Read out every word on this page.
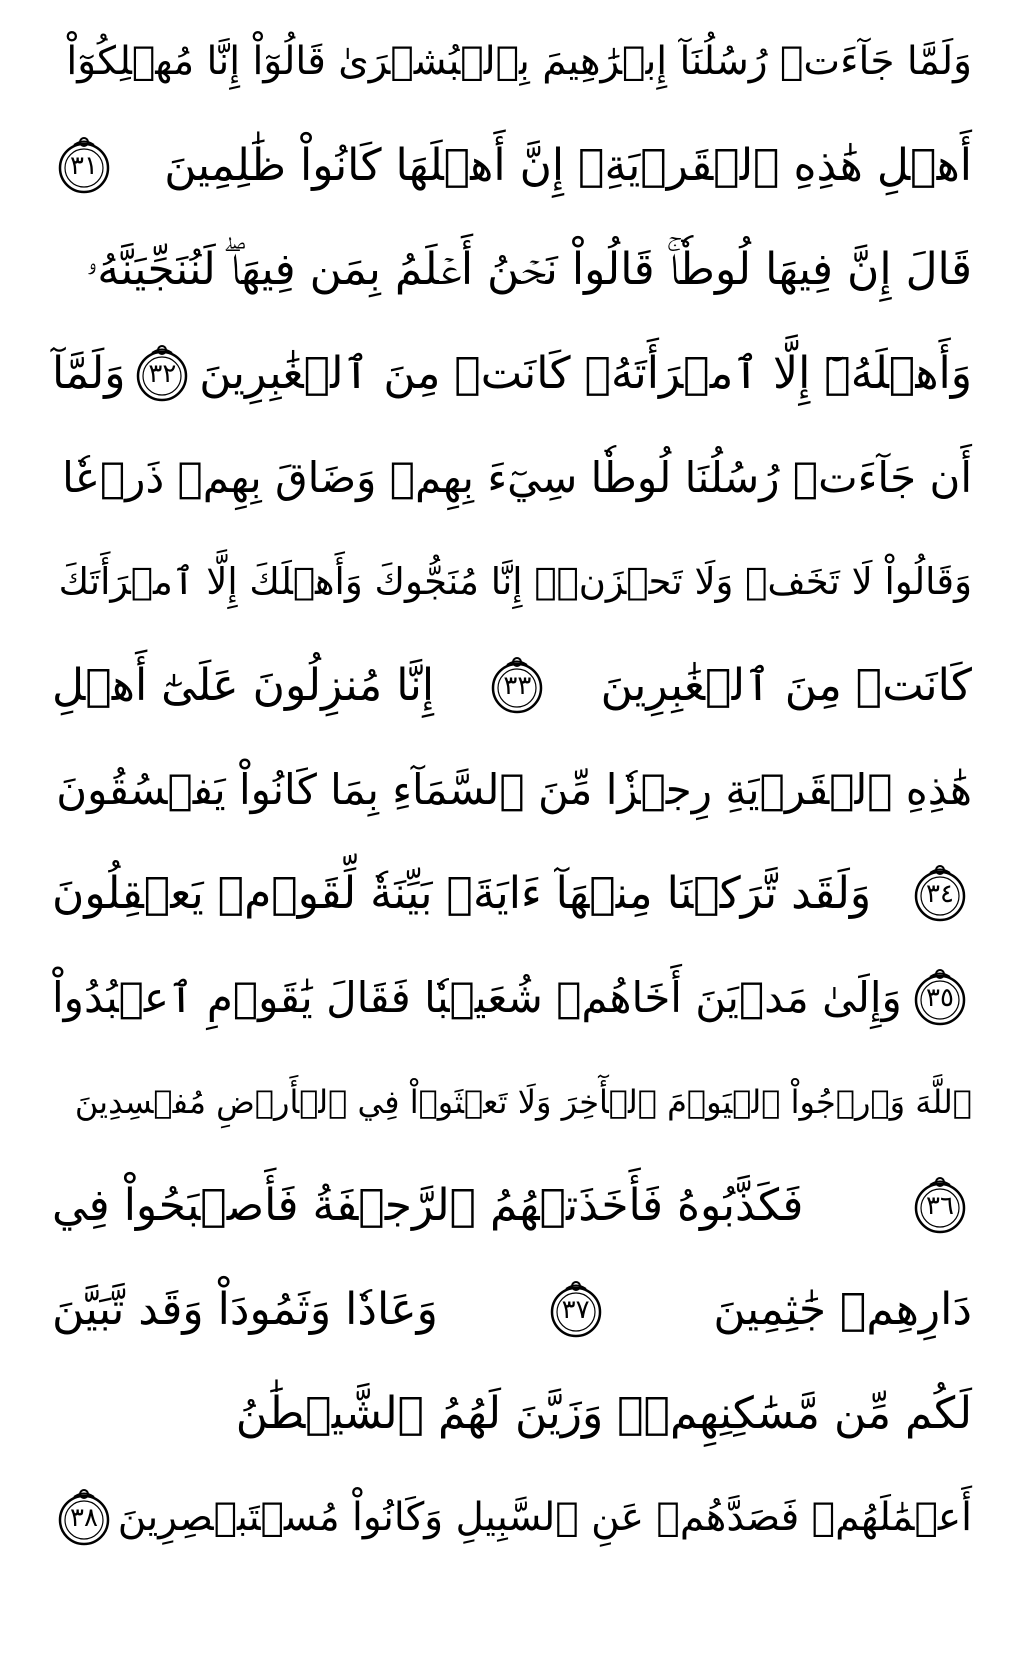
وَلَمَّا جَآءَتۡ رُسُلُنَآ إِبۡرَٰهِيمَ بِٱلۡبُشۡرَىٰ قَالُوٓاْ إِنَّا مُهۡلِكُوٓاْ
أَهۡلِ هَٰذِهِ ٱلۡقَرۡيَةِۖ إِنَّ أَهۡلَهَا كَانُواْ ظَٰلِمِينَ
٣١
قَالَ إِنَّ فِيهَا لُوطٗاۚ قَالُواْ نَحۡنُ أَعۡلَمُ بِمَن فِيهَاۖ لَنُنَجِّيَنَّهُۥ
وَأَهۡلَهُۥٓ إِلَّا ٱمۡرَأَتَهُۥ كَانَتۡ مِنَ ٱلۡغَٰبِرِينَ
٣٢
وَلَمَّآ
أَن جَآءَتۡ رُسُلُنَا لُوطٗا سِيٓءَ بِهِمۡ وَضَاقَ بِهِمۡ ذَرۡعٗا
وَقَالُواْ لَا تَخَفۡ وَلَا تَحۡزَنۡۖ إِنَّا مُنَجُّوكَ وَأَهۡلَكَ إِلَّا ٱمۡرَأَتَكَ
كَانَتۡ مِنَ ٱلۡغَٰبِرِينَ
٣٣
إِنَّا مُنزِلُونَ عَلَىٰٓ أَهۡلِ
هَٰذِهِ ٱلۡقَرۡيَةِ رِجۡزٗا مِّنَ ٱلسَّمَآءِ بِمَا كَانُواْ يَفۡسُقُونَ
٣٤
وَلَقَد تَّرَكۡنَا مِنۡهَآ ءَايَةَۢ بَيِّنَةٗ لِّقَوۡمٖ يَعۡقِلُونَ
٣٥
وَإِلَىٰ مَدۡيَنَ أَخَاهُمۡ شُعَيۡبٗا فَقَالَ يَٰقَوۡمِ ٱعۡبُدُواْ
ٱللَّهَ وَٱرۡجُواْ ٱلۡيَوۡمَ ٱلۡأٓخِرَ وَلَا تَعۡثَوۡاْ فِي ٱلۡأَرۡضِ مُفۡسِدِينَ
٣٦
فَكَذَّبُوهُ فَأَخَذَتۡهُمُ ٱلرَّجۡفَةُ فَأَصۡبَحُواْ فِي
دَارِهِمۡ جَٰثِمِينَ
٣٧
وَعَادٗا وَثَمُودَاْ وَقَد تَّبَيَّنَ
لَكُم مِّن مَّسَٰكِنِهِمۡۖ وَزَيَّنَ لَهُمُ ٱلشَّيۡطَٰنُ
أَعۡمَٰلَهُمۡ فَصَدَّهُمۡ عَنِ ٱلسَّبِيلِ وَكَانُواْ مُسۡتَبۡصِرِينَ
٣٨
